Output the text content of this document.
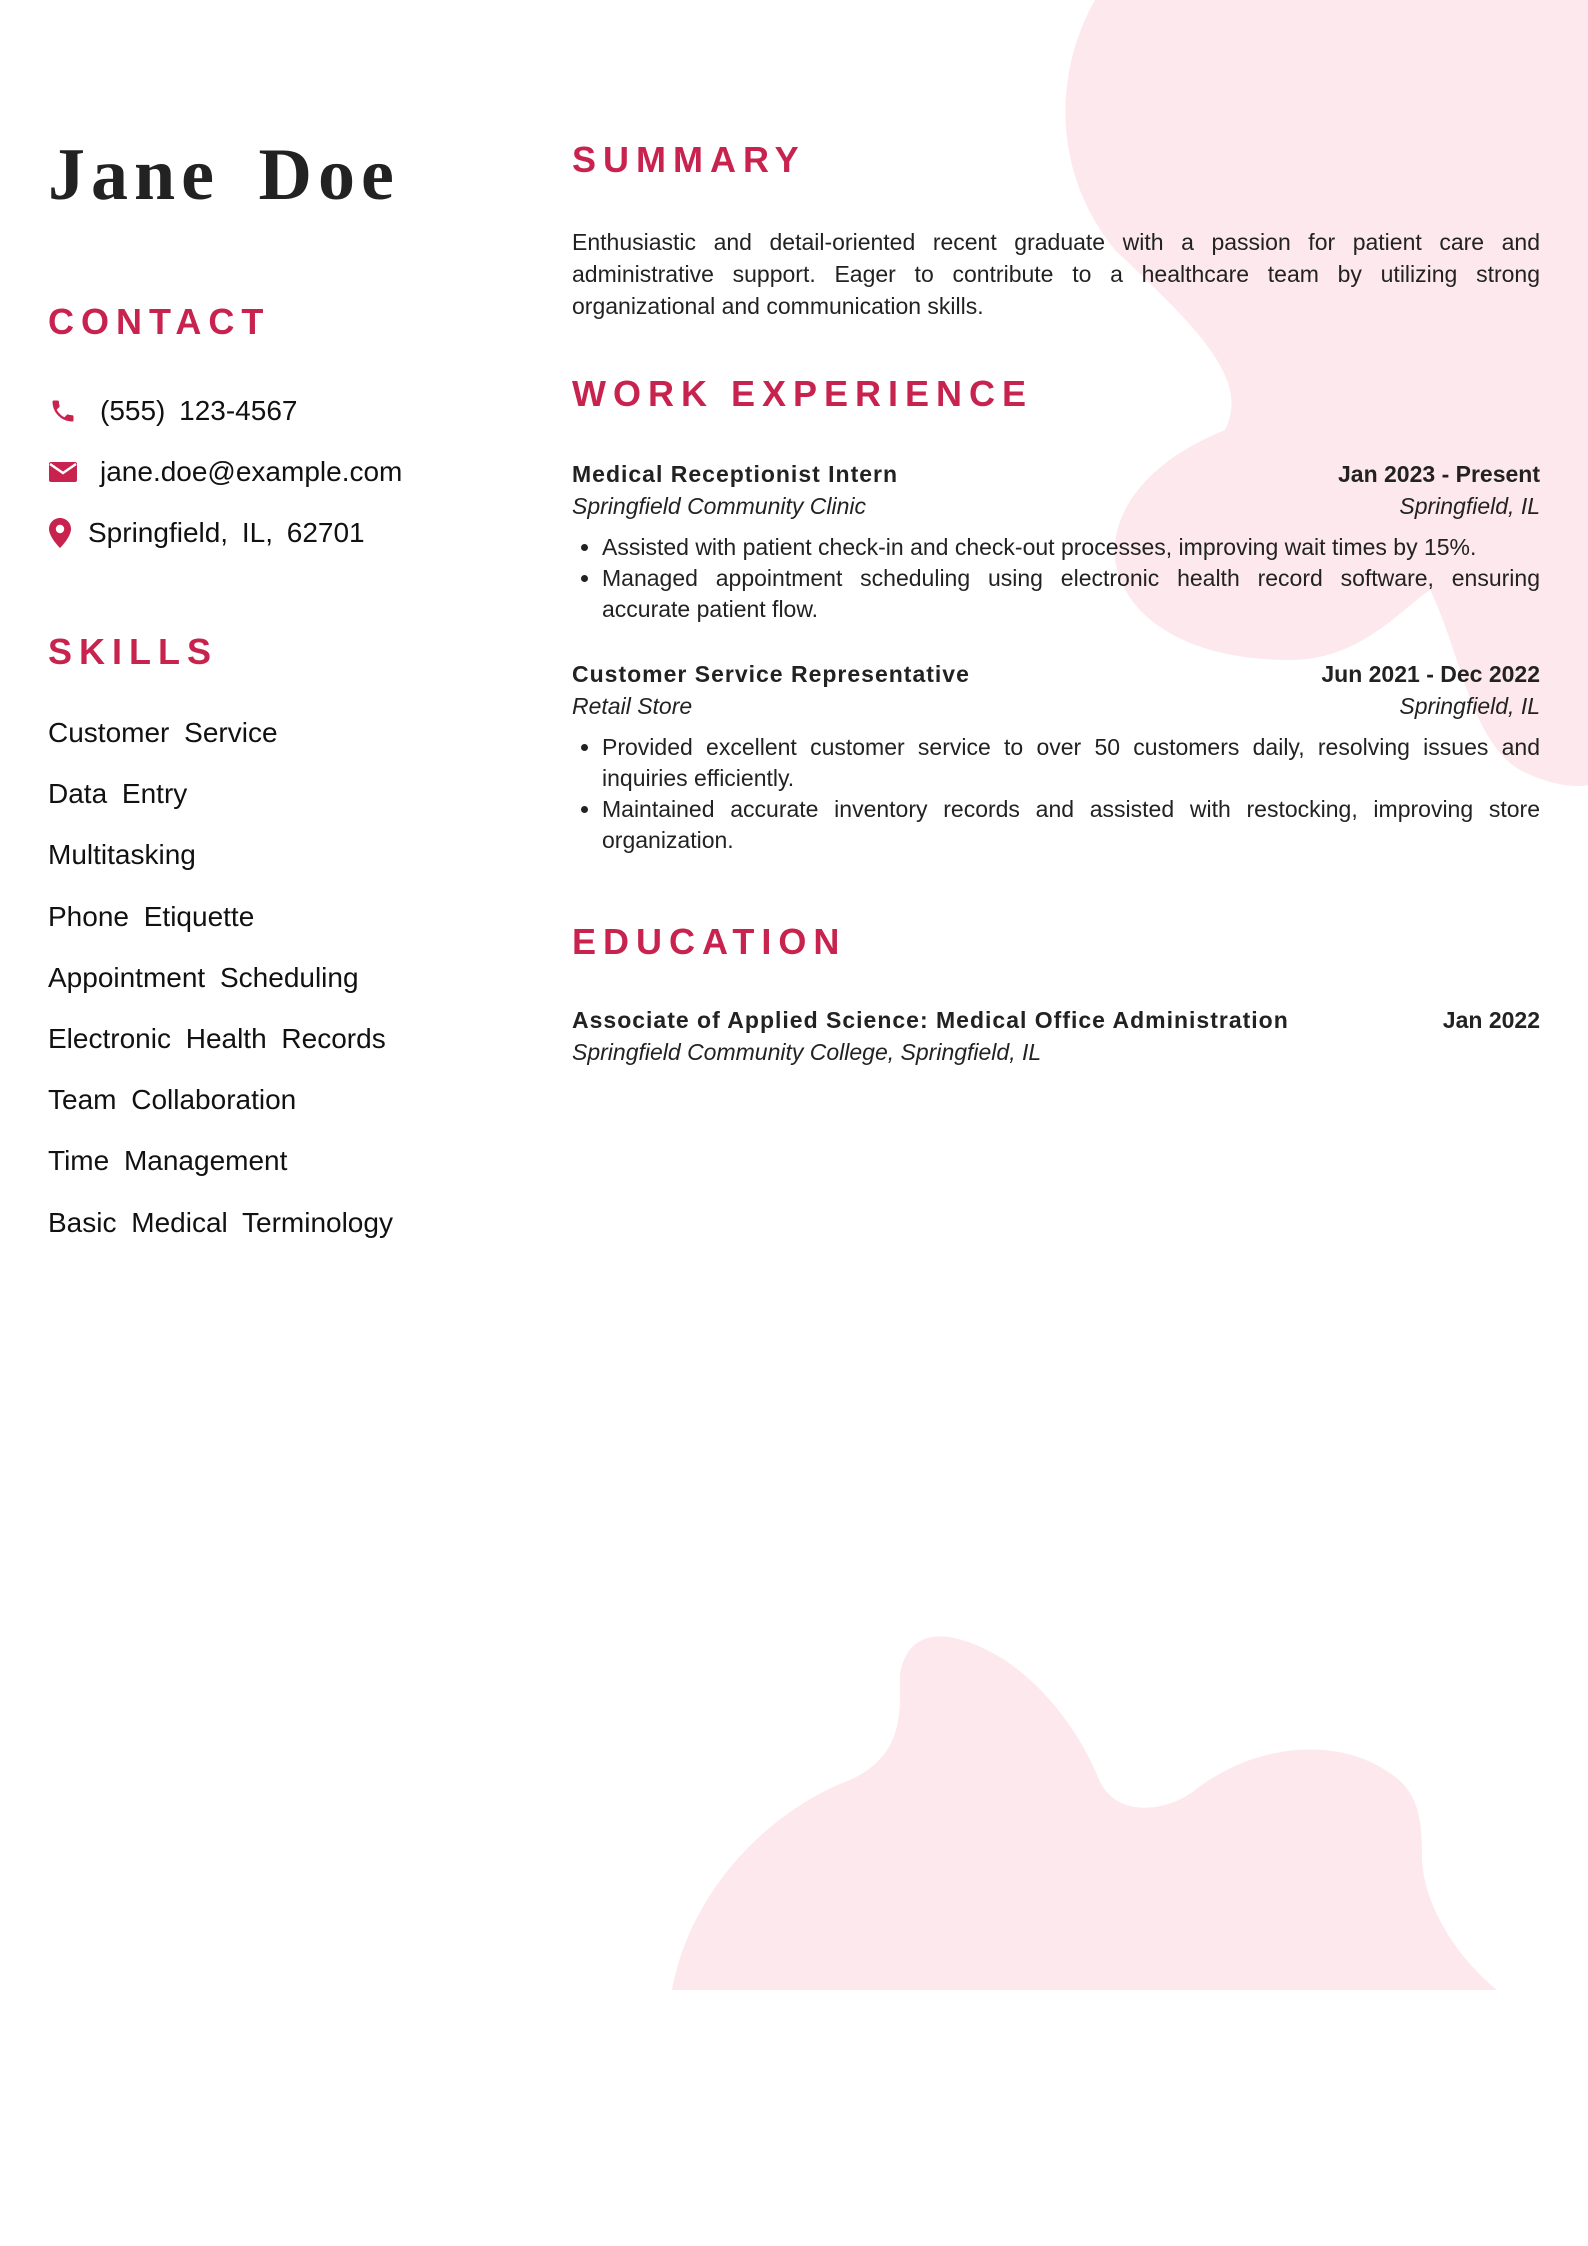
Jane Doe
CONTACT
(555) 123-4567
jane.doe@example.com
Springfield, IL, 62701
SKILLS
Customer Service
Data Entry
Multitasking
Phone Etiquette
Appointment Scheduling
Electronic Health Records
Team Collaboration
Time Management
Basic Medical Terminology
SUMMARY

Enthusiastic and detail-oriented recent graduate with a passion for patient care and administrative support. Eager to contribute to a healthcare team by utilizing strong organizational and communication skills.

WORK EXPERIENCE
Medical Receptionist Intern	Jan 2023 - Present
Springfield Community Clinic	Springfield, IL
• Assisted with patient check-in and check-out processes, improving wait times by 15%.
• Managed appointment scheduling using electronic health record software, ensuring accurate patient flow.
Customer Service Representative	Jun 2021 - Dec 2022
Retail Store	Springfield, IL
• Provided excellent customer service to over 50 customers daily, resolving issues and inquiries efficiently.
• Maintained accurate inventory records and assisted with restocking, improving store organization.
EDUCATION
Associate of Applied Science: Medical Office Administration	Jan 2022
Springfield Community College, Springfield, IL
